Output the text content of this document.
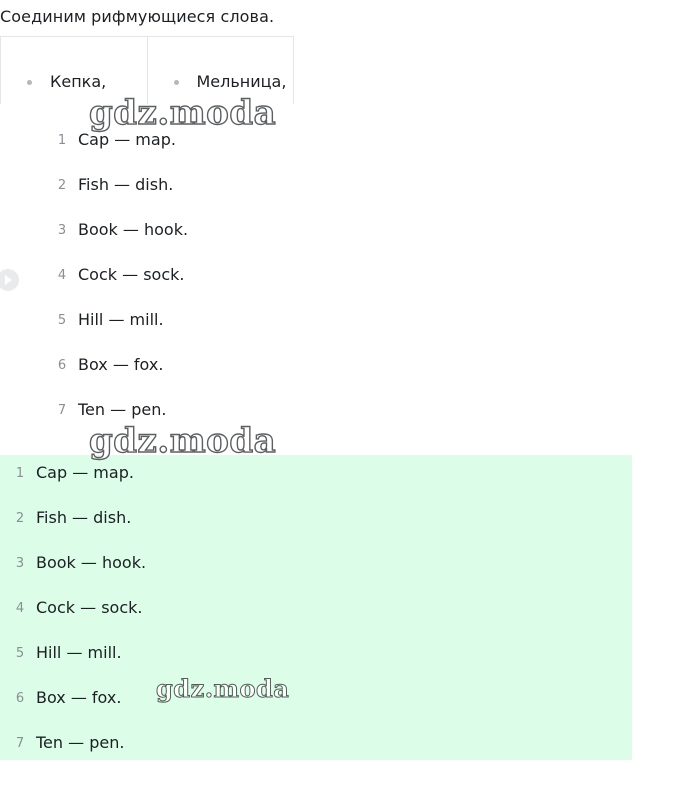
Соединим рифмующиеся слова.
Кепка,	Мельница,
1 Cap — map.
2 Fish — dish.
3 Book — hook.
4 Cock — sock.
5 Hill — mill.
6 Box — fox.
7 Ten — pen.
1 Cap — map.
2 Fish — dish.
3 Book — hook.
4 Cock — sock.
5 Hill — mill.
6 Box — fox.
7 Ten — pen.
gdz.moda
gdz.moda
gdz.moda
